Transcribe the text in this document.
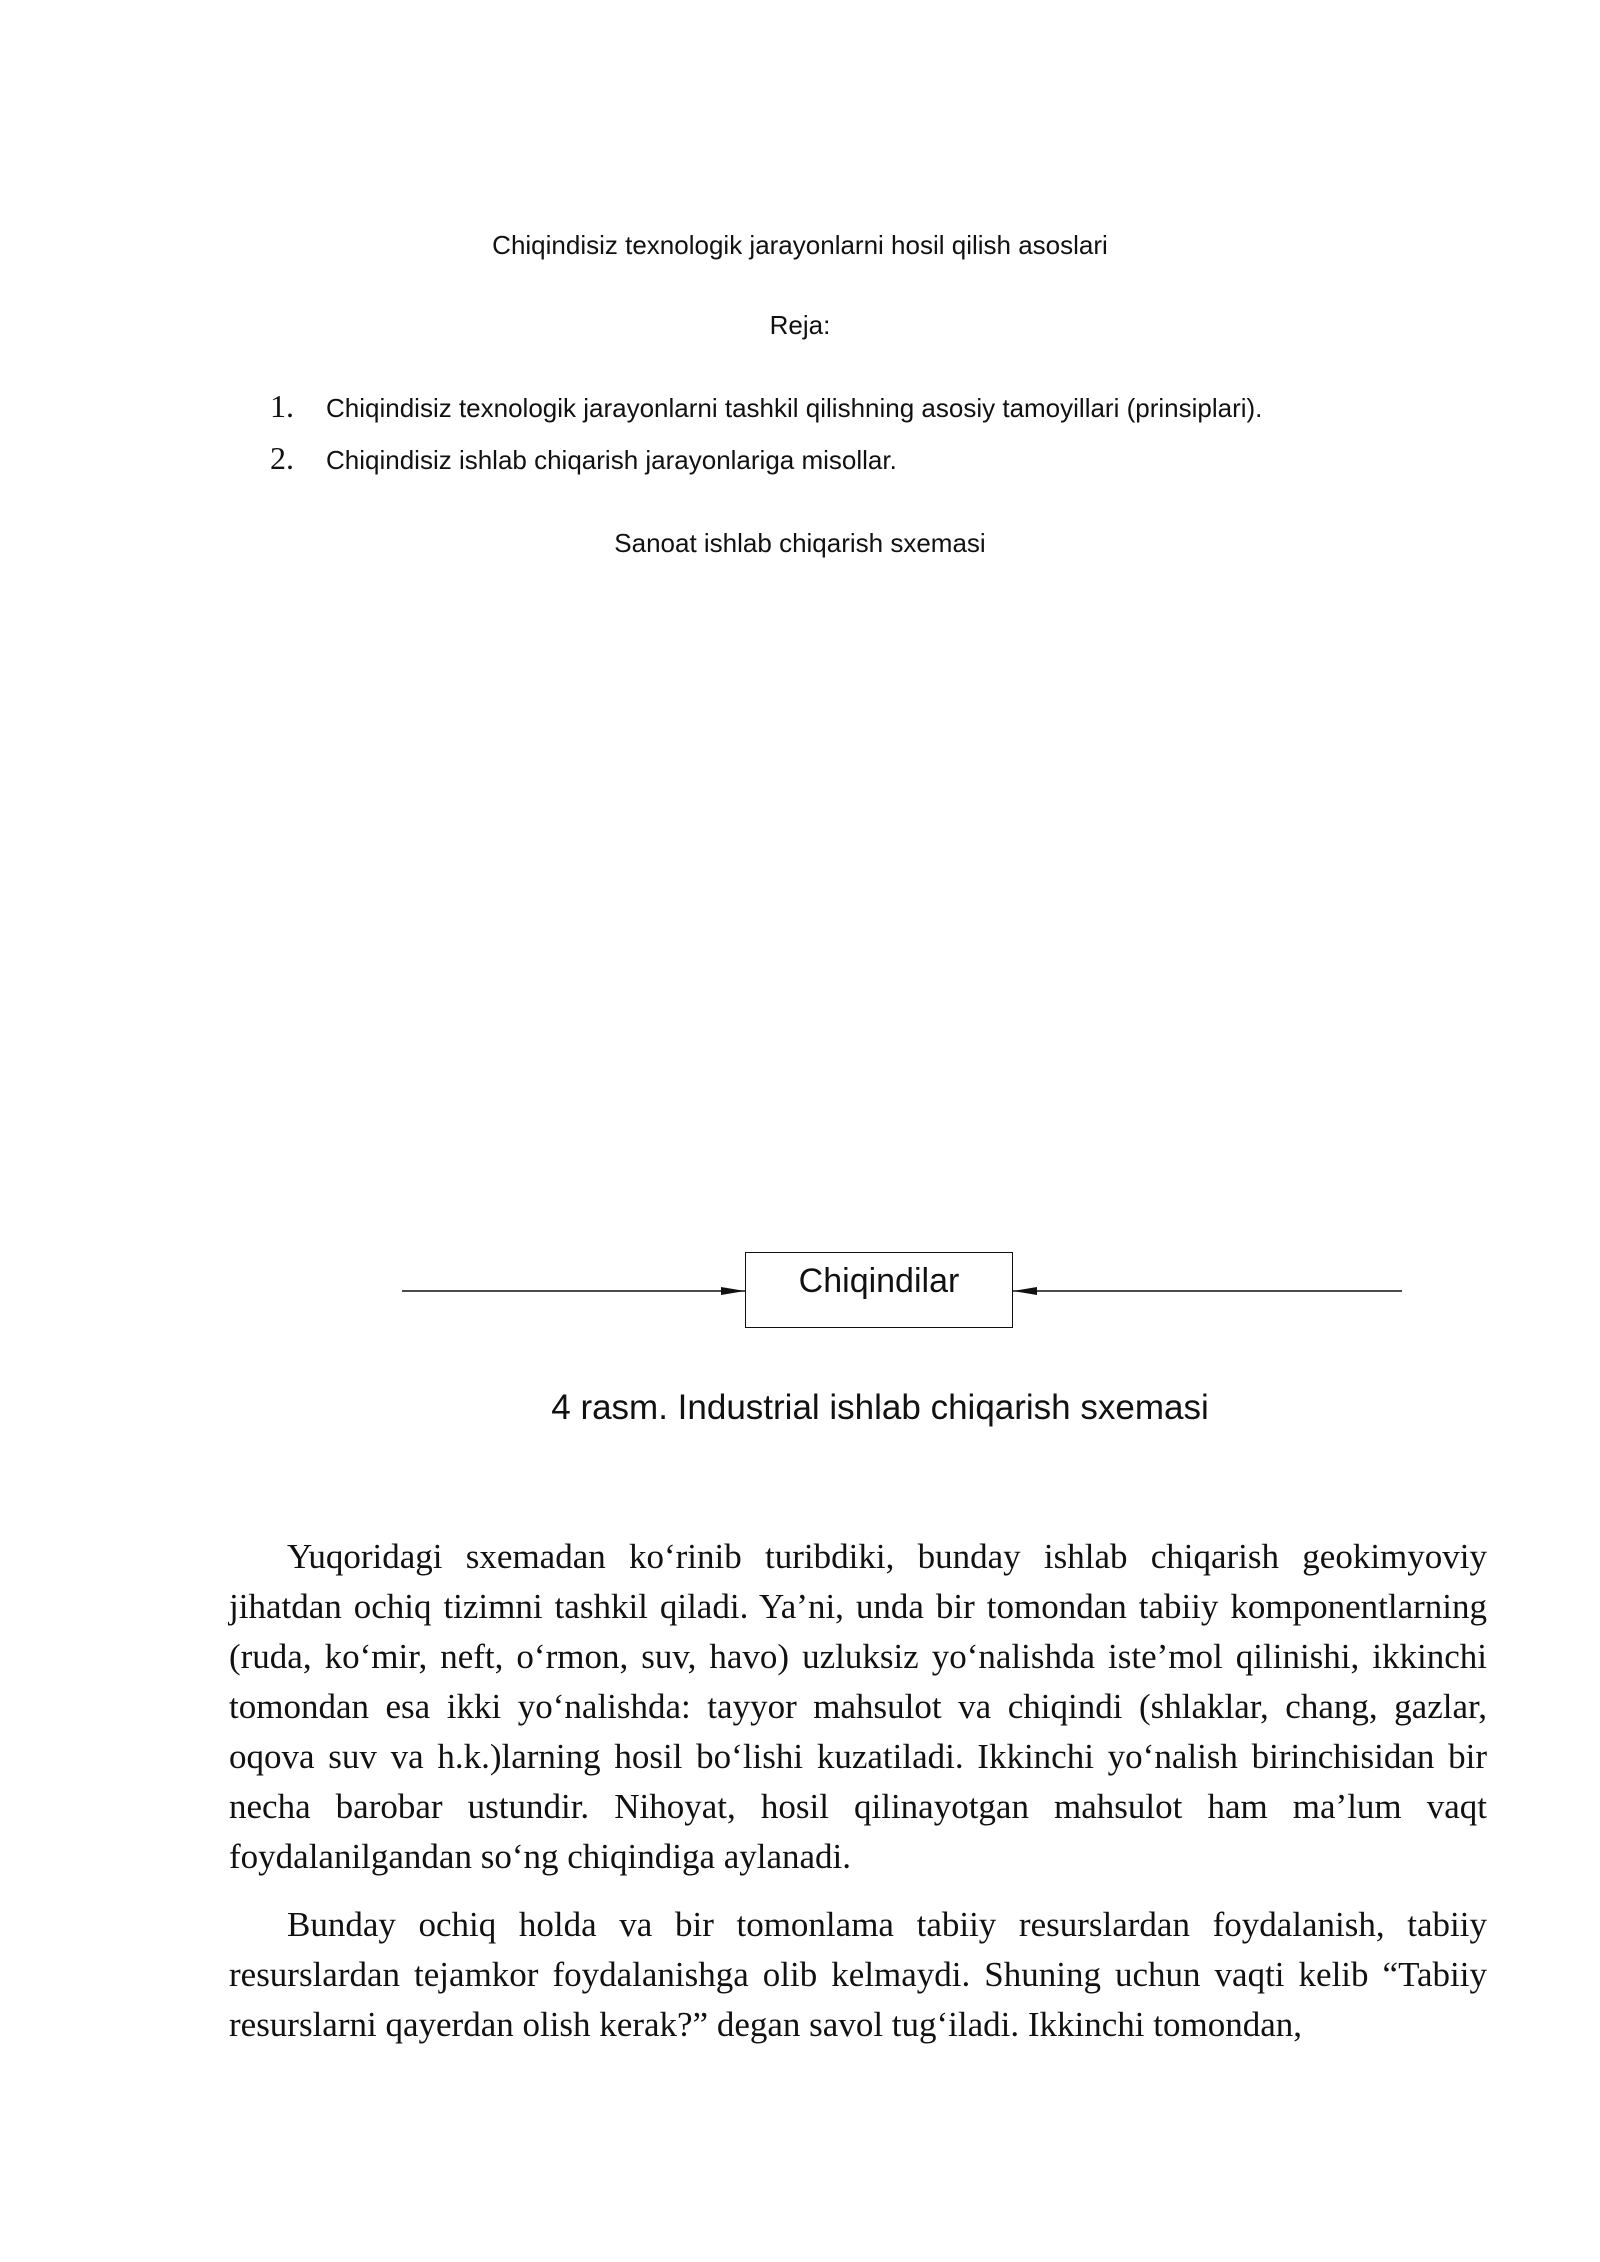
Chiqindisiz texnologik jarayonlarni hosil qilish asoslari
Reja:
1.	Chiqindisiz texnologik jarayonlarni tashkil qilishning asosiy tamoyillari (prinsiplari).
2.	Chiqindisiz ishlab chiqarish jarayonlariga misollar.
Sanoat ishlab chiqarish sxemasi
Chiqindilar
4 rasm. Industrial ishlab chiqarish sxemasi

Yuqoridagi sxemadan ko‘rinib turibdiki, bunday ishlab chiqarish geokimyoviy jihatdan ochiq tizimni tashkil qiladi. Ya’ni, unda bir tomondan tabiiy komponentlarning (ruda, ko‘mir, neft, o‘rmon, suv, havo) uzluksiz yo‘nalishda iste’mol qilinishi, ikkinchi tomondan esa ikki yo‘nalishda: tayyor mahsulot va chiqindi (shlaklar, chang, gazlar, oqova suv va h.k.)larning hosil bo‘lishi kuzatiladi. Ikkinchi yo‘nalish birinchisidan bir necha barobar ustundir. Nihoyat, hosil qilinayotgan mahsulot ham ma’lum vaqt foydalanilgandan so‘ng chiqindiga aylanadi.

Bunday ochiq holda va bir tomonlama tabiiy resurslardan foydalanish, tabiiy resurslardan tejamkor foydalanishga olib kelmaydi. Shuning uchun vaqti kelib “Tabiiy resurslarni qayerdan olish kerak?” degan savol tug‘iladi. Ikkinchi tomondan,
